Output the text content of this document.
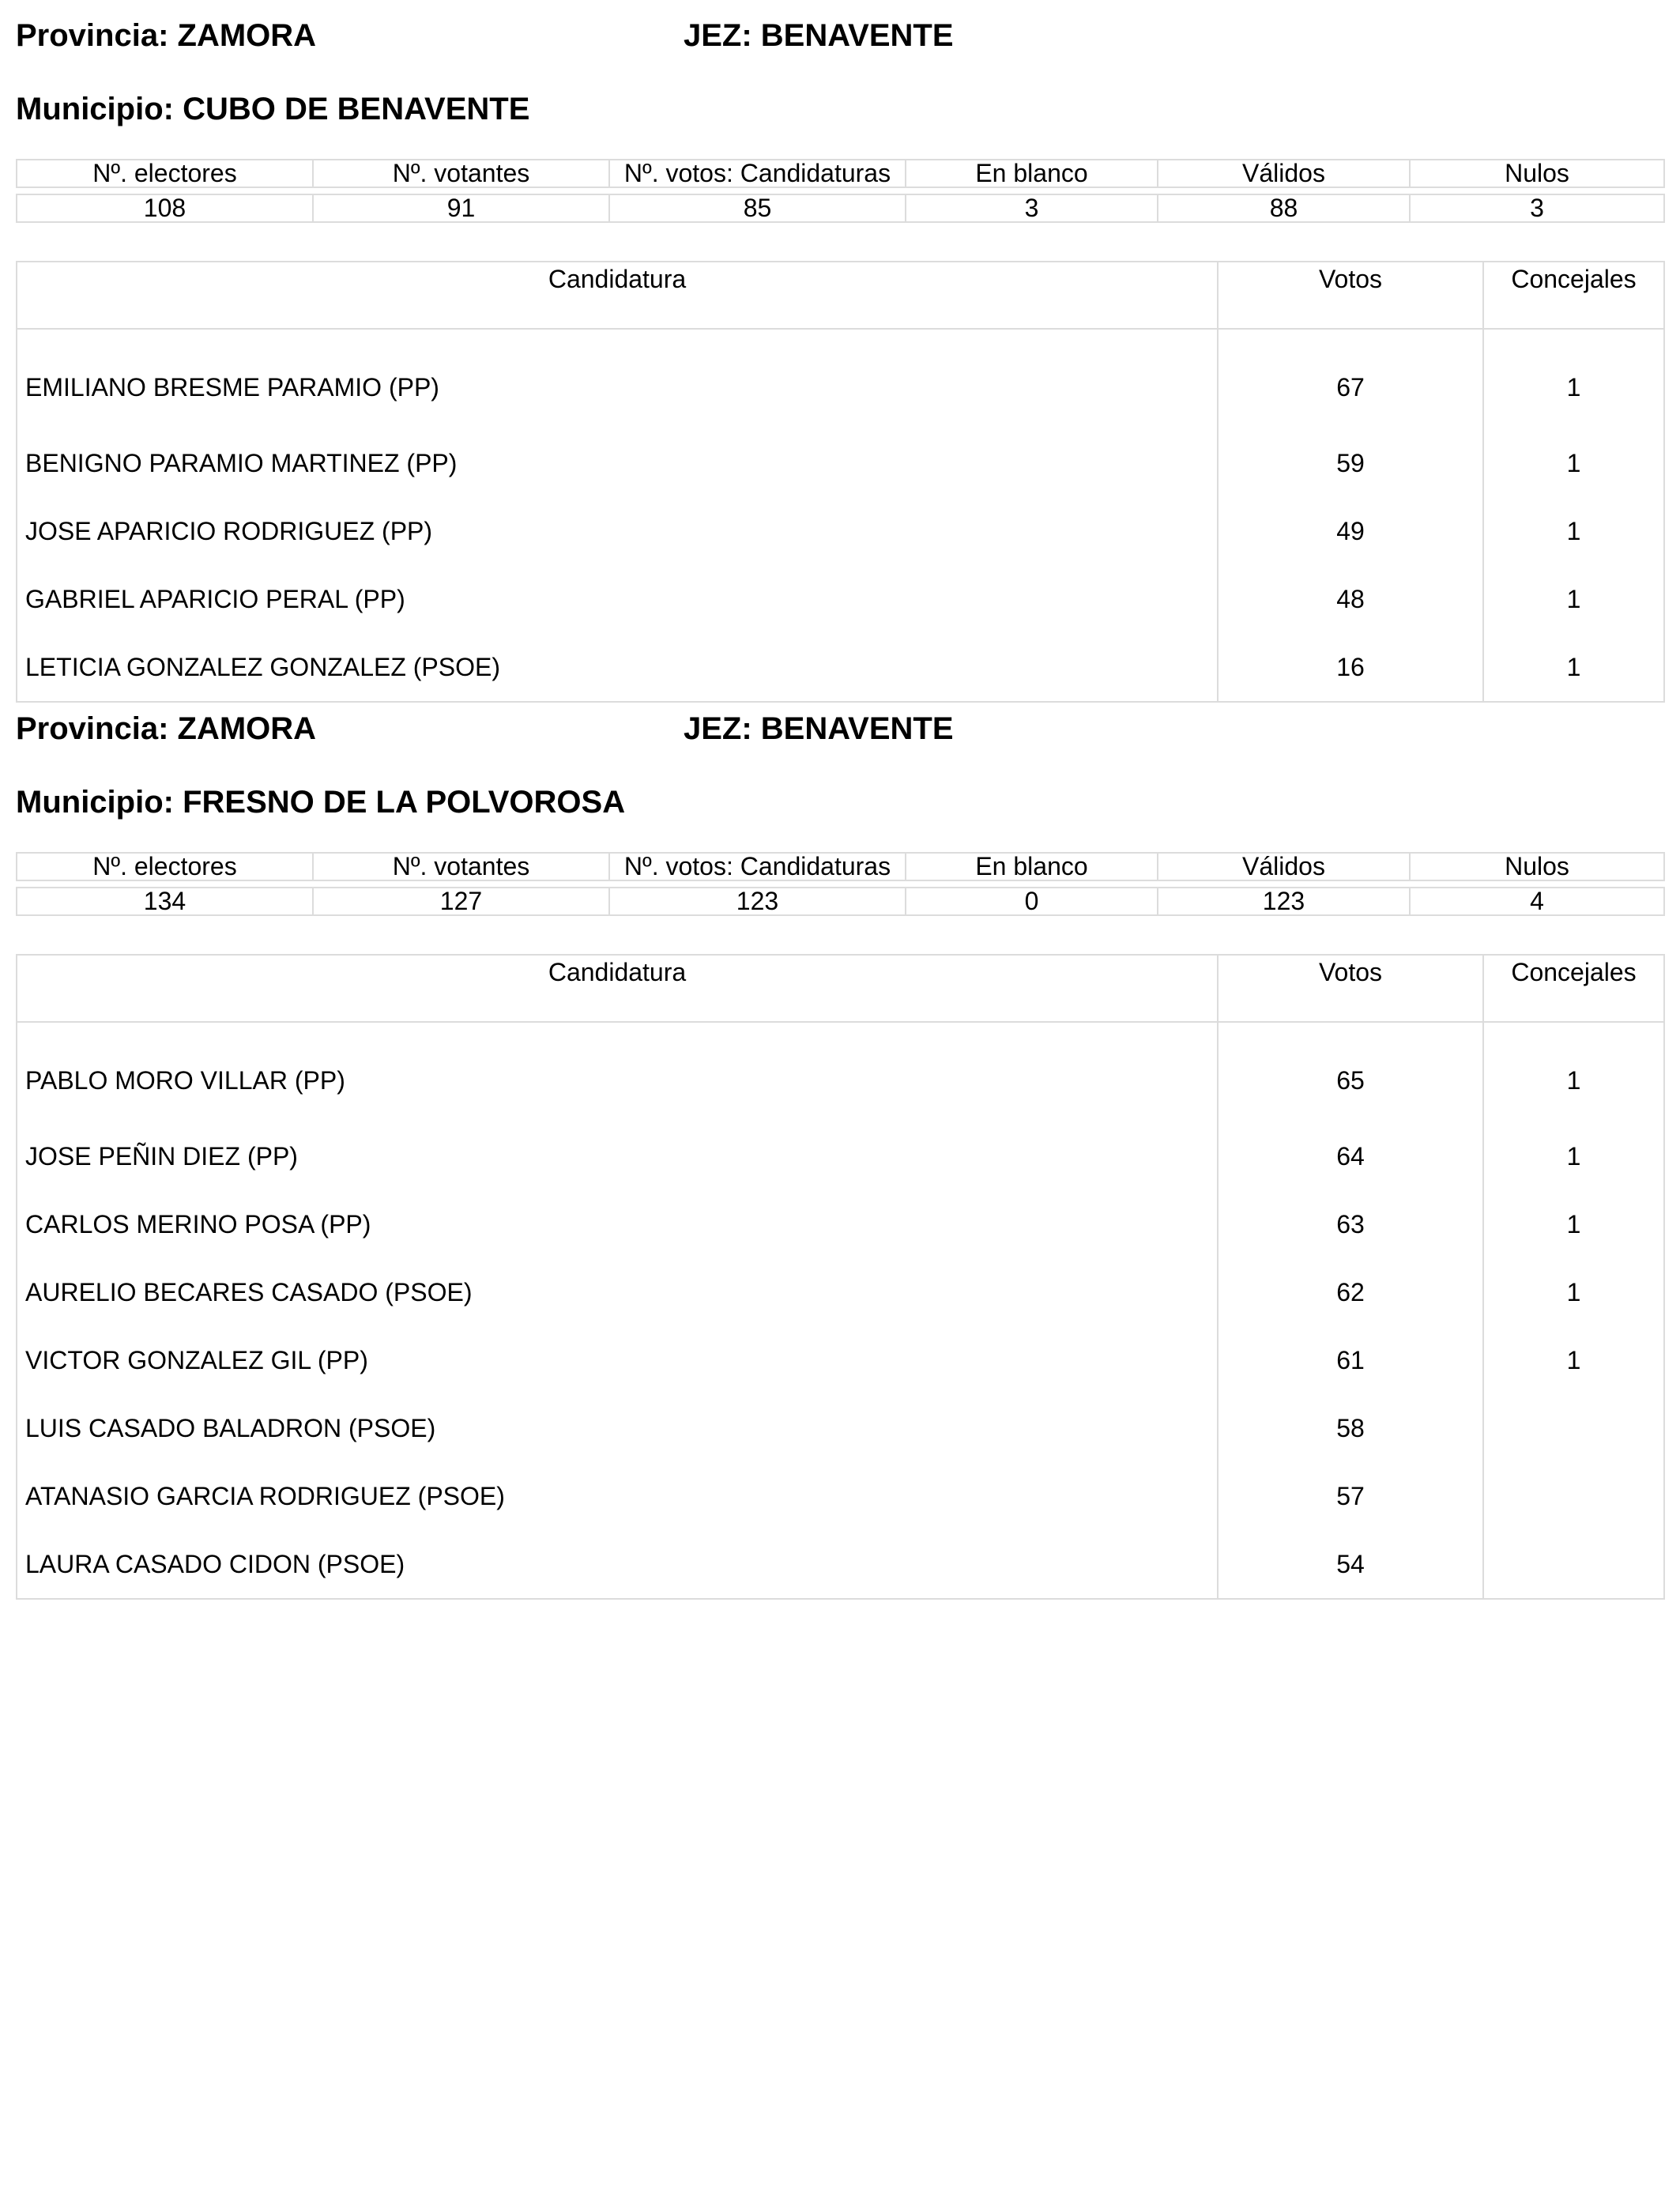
Provincia: ZAMORA	JEZ: BENAVENTE
Municipio: CUBO DE BENAVENTE
Nº. electores	Nº. votantes	Nº. votos: Candidaturas	En blanco	Válidos	Nulos

108	91	85	3	88	3
Candidatura	Votos	Concejales
EMILIANO BRESME PARAMIO (PP)	67	1
BENIGNO PARAMIO MARTINEZ (PP)	59	1
JOSE APARICIO RODRIGUEZ (PP)	49	1
GABRIEL APARICIO PERAL (PP)	48	1
LETICIA GONZALEZ GONZALEZ (PSOE)	16	1
Provincia: ZAMORA	JEZ: BENAVENTE
Municipio: FRESNO DE LA POLVOROSA
Nº. electores	Nº. votantes	Nº. votos: Candidaturas	En blanco	Válidos	Nulos

134	127	123	0	123	4
Candidatura	Votos	Concejales
PABLO MORO VILLAR (PP)	65	1
JOSE PEÑIN DIEZ (PP)	64	1
CARLOS MERINO POSA (PP)	63	1
AURELIO BECARES CASADO (PSOE)	62	1
VICTOR GONZALEZ GIL (PP)	61	1
LUIS CASADO BALADRON (PSOE)	58	
ATANASIO GARCIA RODRIGUEZ (PSOE)	57	
LAURA CASADO CIDON (PSOE)	54	
